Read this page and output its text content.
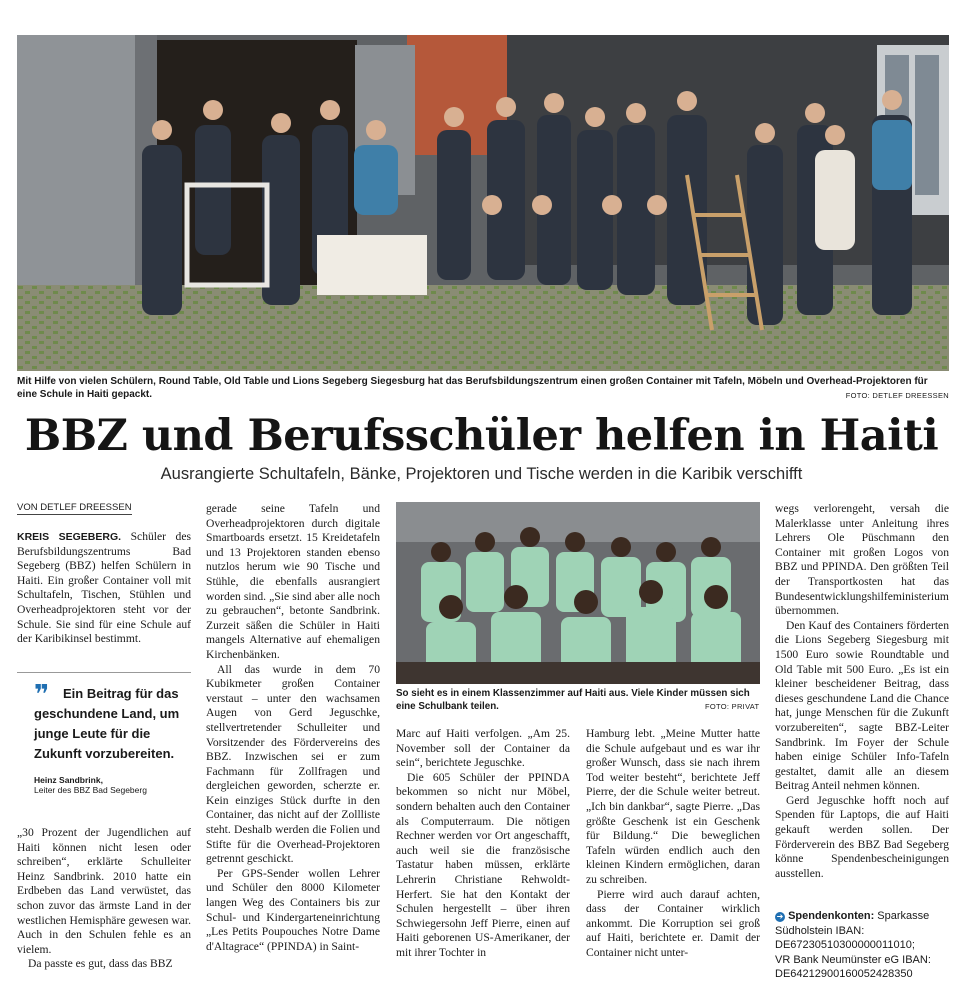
Mit Hilfe von vielen Schülern, Round Table, Old Table und Lions Segeberg Siegesburg hat das Berufsbildungszentrum einen großen Container mit Tafeln, Möbeln und Overhead-Projektoren für eine Schule in Haiti gepackt.	FOTO: DETLEF DREESSEN
BBZ und Berufsschüler helfen in Haiti
Ausrangierte Schultafeln, Bänke, Projektoren und Tische werden in die Karibik verschifft
VON DETLEF DREESSEN

KREIS SEGEBERG. Schüler des Berufsbildungszentrums Bad Segeberg (BBZ) helfen Schülern in Haiti. Ein großer Container voll mit Schultafeln, Tischen, Stühlen und Overheadprojektoren steht vor der Schule. Sie sind für eine Schule auf der Karibikinsel bestimmt.

❞	Ein Beitrag für das geschundene Land, um junge Leute für die Zukunft vorzubereiten.
Heinz Sandbrink,
Leiter des BBZ Bad Segeberg

„30 Prozent der Jugendlichen auf Haiti können nicht lesen oder schreiben“, erklärte Schulleiter Heinz Sandbrink. 2010 hatte ein Erdbeben das Land verwüstet, das schon zuvor das ärmste Land in der westlichen Hemisphäre gewesen war. Auch in den Schulen fehle es an vielem.

Da passte es gut, dass das BBZ

gerade seine Tafeln und Overheadprojektoren durch digitale Smartboards ersetzt. 15 Kreidetafeln und 13 Projektoren standen ebenso nutzlos herum wie 90 Tische und Stühle, die ebenfalls ausrangiert worden sind. „Sie sind aber alle noch zu gebrauchen“, betonte Sandbrink. Zurzeit säßen die Schüler in Haiti mangels Alternative auf ehemaligen Kirchenbänken.

All das wurde in dem 70 Kubikmeter großen Container verstaut – unter den wachsamen Augen von Gerd Jeguschke, stellvertretender Schulleiter und Vorsitzender des Fördervereins des BBZ. Inzwischen sei er zum Fachmann für Zollfragen und dergleichen geworden, scherzte er. Kein einziges Stück durfte in den Container, das nicht auf der Zollliste steht. Deshalb werden die Folien und Stifte für die Overhead-Projektoren getrennt geschickt.

Per GPS-Sender wollen Lehrer und Schüler den 8000 Kilometer langen Weg des Containers bis zur Schul- und Kindergarteneinrichtung „Les Petits Poupouches Notre Dame d'Altagrace“ (PPINDA) in Saint-

So sieht es in einem Klassenzimmer auf Haiti aus. Viele Kinder müssen sich eine Schulbank teilen.	FOTO: PRIVAT

Marc auf Haiti verfolgen. „Am 25. November soll der Container da sein“, berichtete Jeguschke.

Die 605 Schüler der PPINDA bekommen so nicht nur Möbel, sondern behalten auch den Container als Computerraum. Die nötigen Rechner werden vor Ort angeschafft, auch weil sie die französische Tastatur haben müssen, erklärte Lehrerin Christiane Rehwoldt-Herfert. Sie hat den Kontakt der Schulen hergestellt – über ihren Schwiegersohn Jeff Pierre, einen auf Haiti geborenen US-Amerikaner, der mit ihrer Tochter in

Hamburg lebt. „Meine Mutter hatte die Schule aufgebaut und es war ihr großer Wunsch, dass sie nach ihrem Tod weiter besteht“, berichtete Jeff Pierre, der die Schule weiter betreut. „Ich bin dankbar“, sagte Pierre. „Das größte Geschenk ist ein Geschenk für Bildung.“ Die beweglichen Tafeln würden endlich auch den kleinen Kindern ermöglichen, daran zu schreiben.

Pierre wird auch darauf achten, dass der Container wirklich ankommt. Die Korruption sei groß auf Haiti, berichtete er. Damit der Container nicht unter-

wegs verlorengeht, versah die Malerklasse unter Anleitung ihres Lehrers Ole Püschmann den Container mit großen Logos von BBZ und PPINDA. Den größten Teil der Transportkosten hat das Bundesentwicklungshilfeministerium übernommen.

Den Kauf des Containers förderten die Lions Segeberg Siegesburg mit 1500 Euro sowie Roundtable und Old Table mit 500 Euro. „Es ist ein kleiner bescheidener Beitrag, dass dieses geschundene Land die Chance hat, junge Menschen für die Zukunft vorzubereiten“, sagte BBZ-Leiter Sandbrink. Im Foyer der Schule haben einige Schüler Info-Tafeln gestaltet, damit alle an diesem Beitrag Anteil nehmen können.

Gerd Jeguschke hofft noch auf Spenden für Laptops, die auf Haiti gekauft werden sollen. Der Förderverein des BBZ Bad Segeberg könne Spendenbescheinigungen ausstellen.

➔ Spendenkonten: Sparkasse Südholstein IBAN:
DE67230510300000011010;
VR Bank Neumünster eG IBAN:
DE64212900160052428350
